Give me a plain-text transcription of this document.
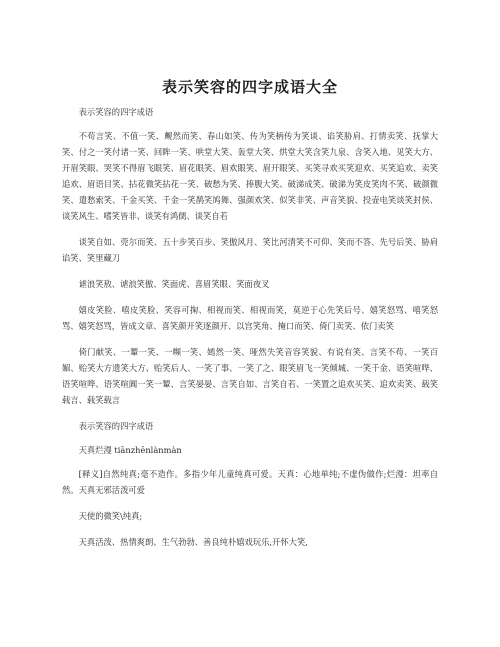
表示笑容的四字成语大全

表示笑容的四字成语

不苟言笑、不值一笑、觍然而笑、春山如笑、传为笑柄传为笑谈、谄笑胁肩、打情卖笑、抚掌大笑、付之一笑付诸一笑、回眸一笑、哄堂大笑、轰堂大笑、烘堂大笑含笑九泉、含笑入地、见笑大方、开眉笑眼、哭笑不得眉飞眼笑、眉花眼笑、眉欢眼笑、眉开眼笑、买笑寻欢买笑迎欢、买笑追欢、卖笑追欢、眉语目笑、拈花微笑拈花一笑、破愁为笑、捧腹大笑、破涕成笑、破涕为笑皮笑肉不笑、破颜微笑、遣愁索笑、千金买笑、千金一笑鹊笑鸠舞、强颜欢笑、似笑非笑、声音笑貌、投壶电笑谈笑封侯、谈笑风生、嗜笑皆非、谈笑有鸿儒、谈笑自若

谈笑自如、莞尔而笑、五十步笑百步、笑傲风月、笑比河清笑不可仰、笑而不答、先号后笑、胁肩谄笑、笑里藏刀

谑浪笑敖、谑浪笑傲、笑面虎、喜眉笑眼、笑面夜叉

嬉皮笑脸、嘻皮笑脸、笑容可掬、相视而笑、相视而笑，莫逆于心先笑后号、嬉笑怒骂、嘻笑怒骂、嬉笑怒骂，皆成文章、喜笑颜开笑逐颜开、以宫笑角、掩口而笑、倚门卖笑、依门卖笑

倚门献笑、一颦一笑、一嚬一笑、嫣然一笑、哑然失笑音容笑貌、有说有笑、言笑不苟、一笑百媚、贻笑大方遗笑大方、贻笑后人、一笑了事、一笑了之、眼笑眉飞一笑倾城、一笑千金、语笑喧哗、语笑喧哗、语笑喧阗一笑一颦、言笑晏晏、言笑自如、言笑自若、一笑置之追欢买笑、追欢卖笑、载笑载言、载笑载言

表示笑容的四字成语

天真烂漫 tiānzhēnlànmàn

[释义]自然纯真;毫不造作。多指少年儿童纯真可爱。天真：心地单纯;不虚伪做作;烂漫：坦率自然。天真无邪活泼可爱

天使的微笑\纯真;

天真活泼、热情爽朗、生气勃勃、善良纯朴嬉戏玩乐,开怀大笑,
